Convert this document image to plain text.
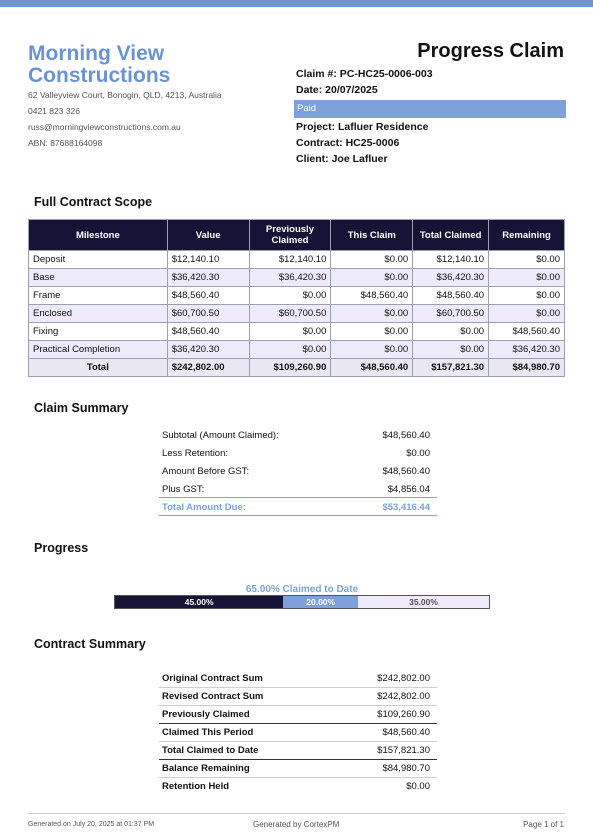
Morning View Constructions
62 Valleyview Court, Bonogin, QLD, 4213, Australia
0421 823 326
russ@morningviewconstructions.com.au
ABN: 87688164098
Progress Claim
Claim #: PC-HC25-0006-003
Date: 20/07/2025
Paid
Project: Lafluer Residence
Contract: HC25-0006
Client: Joe Lafluer
Full Contract Scope
Milestone	Value	Previously Claimed	This Claim	Total Claimed	Remaining
Deposit	$12,140.10	$12,140.10	$0.00	$12,140.10	$0.00
Base	$36,420.30	$36,420.30	$0.00	$36,420.30	$0.00
Frame	$48,560.40	$0.00	$48,560.40	$48,560.40	$0.00
Enclosed	$60,700.50	$60,700.50	$0.00	$60,700.50	$0.00
Fixing	$48,560.40	$0.00	$0.00	$0.00	$48,560.40
Practical Completion	$36,420.30	$0.00	$0.00	$0.00	$36,420.30
Total	$242,802.00	$109,260.90	$48,560.40	$157,821.30	$84,980.70
Claim Summary
Subtotal (Amount Claimed):	$48,560.40
Less Retention:	$0.00
Amount Before GST:	$48,560.40
Plus GST:	$4,856.04
Total Amount Due:	$53,416.44
Progress
65.00% Claimed to Date
45.00%	20.00%	35.00%
Contract Summary
Original Contract Sum	$242,802.00
Revised Contract Sum	$242,802.00
Previously Claimed	$109,260.90
Claimed This Period	$48,560.40
Total Claimed to Date	$157,821.30
Balance Remaining	$84,980.70
Retention Held	$0.00
Generated on July 20, 2025 at 01:37 PM	Generated by CortexPM	Page 1 of 1
